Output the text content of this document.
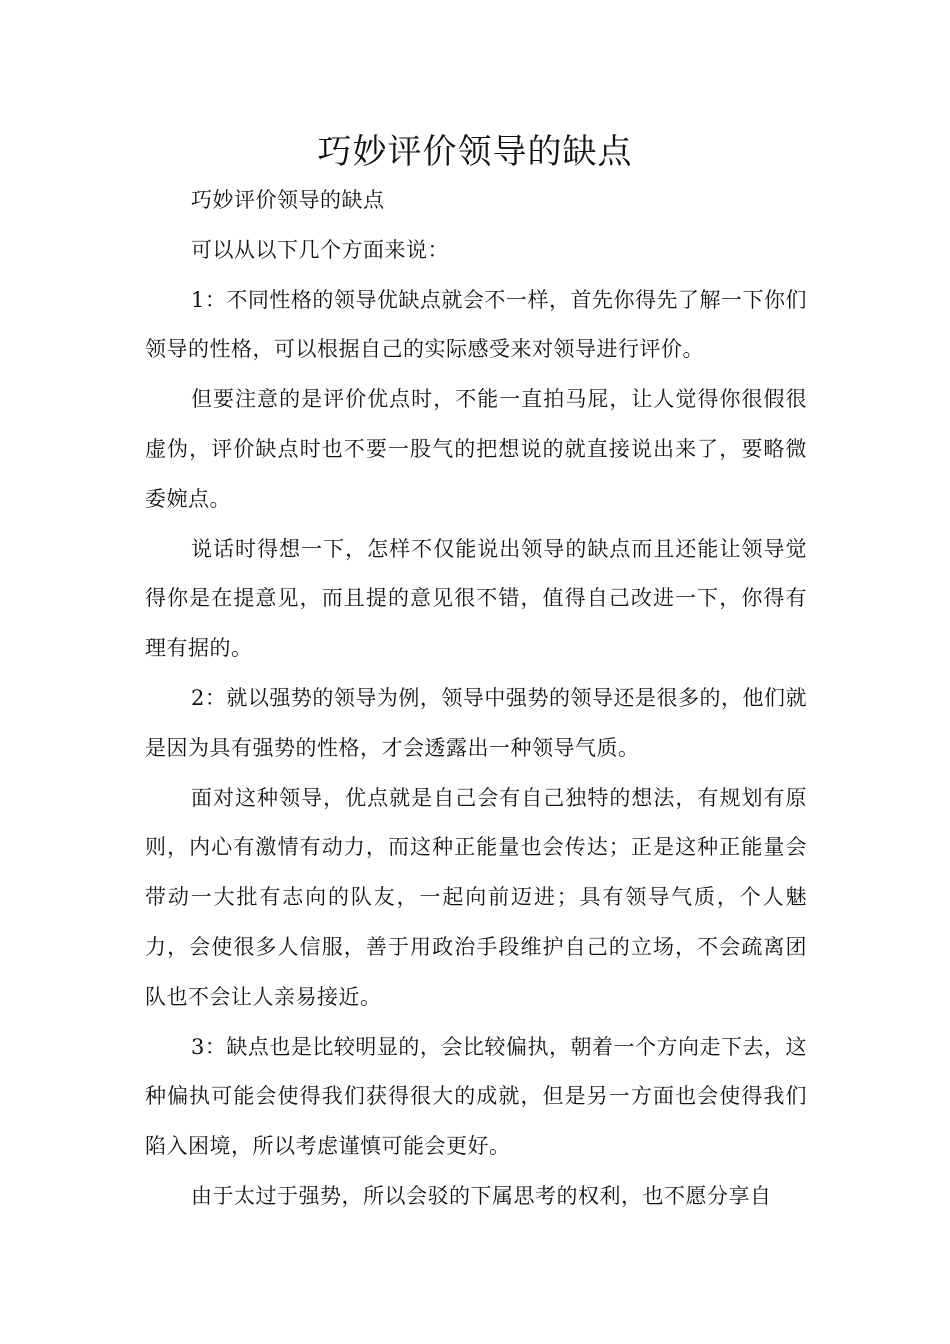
巧妙评价领导的缺点

巧妙评价领导的缺点

可以从以下几个方面来说：

1：不同性格的领导优缺点就会不一样，首先你得先了解一下你们领导的性格，可以根据自己的实际感受来对领导进行评价。

但要注意的是评价优点时，不能一直拍马屁，让人觉得你很假很虚伪，评价缺点时也不要一股气的把想说的就直接说出来了，要略微委婉点。

说话时得想一下，怎样不仅能说出领导的缺点而且还能让领导觉得你是在提意见，而且提的意见很不错，值得自己改进一下，你得有理有据的。

2：就以强势的领导为例，领导中强势的领导还是很多的，他们就是因为具有强势的性格，才会透露出一种领导气质。

面对这种领导，优点就是自己会有自己独特的想法，有规划有原则，内心有激情有动力，而这种正能量也会传达；正是这种正能量会带动一大批有志向的队友，一起向前迈进；具有领导气质，个人魅力，会使很多人信服，善于用政治手段维护自己的立场，不会疏离团队也不会让人亲易接近。

3：缺点也是比较明显的，会比较偏执，朝着一个方向走下去，这种偏执可能会使得我们获得很大的成就，但是另一方面也会使得我们陷入困境，所以考虑谨慎可能会更好。

由于太过于强势，所以会驳的下属思考的权利，也不愿分享自
